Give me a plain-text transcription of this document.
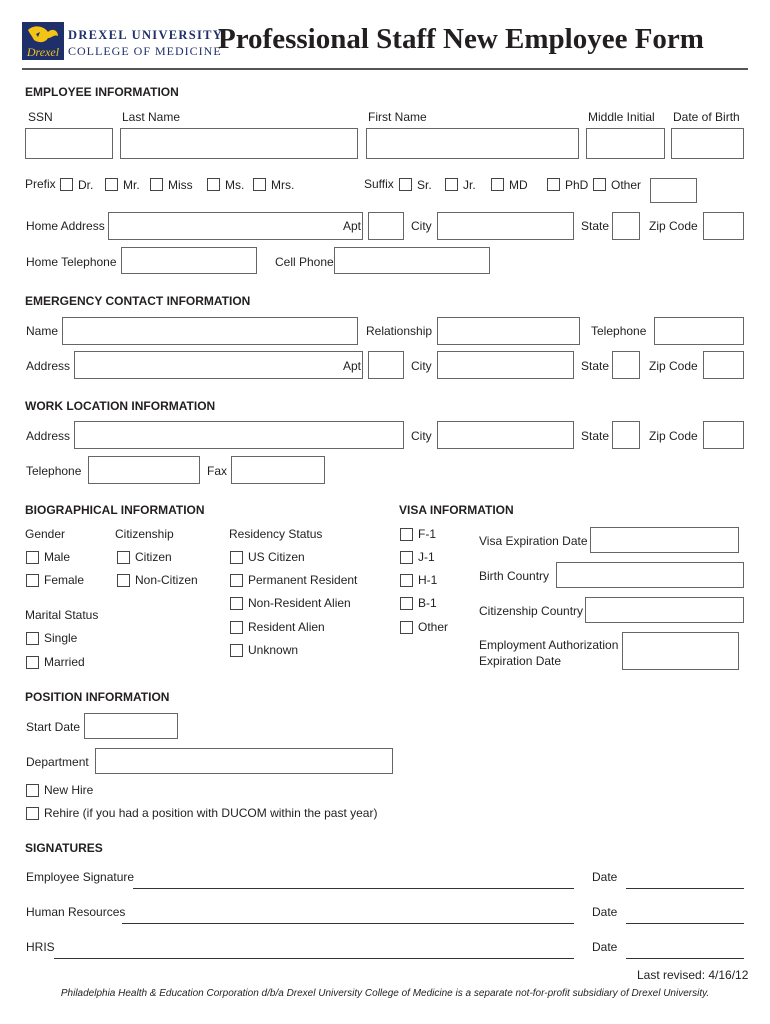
Drexel
DREXEL UNIVERSITY
COLLEGE OF MEDICINE
Professional Staff New Employee Form
EMPLOYEE INFORMATION
SSN	Last Name	First Name	Middle Initial Date of Birth
Prefix Dr. Mr. Miss	Ms. Mrs.	Suffix Sr.	Jr.	MD	PhD Other
Home Address	Apt	City	State	Zip Code
Home Telephone	Cell Phone
EMERGENCY CONTACT INFORMATION
Name	Relationship	Telephone
Address	Apt	City	State	Zip Code
WORK LOCATION INFORMATION
Address	City	State	Zip Code
Telephone	Fax
BIOGRAPHICAL INFORMATION
Gender	Citizenship	Residency Status
Male
Female
Citizen
Non-Citizen
US Citizen
Permanent Resident
Non-Resident Alien
Resident Alien
Unknown
Marital Status
Single
Married
VISA INFORMATION
F-1
J-1
H-1
B-1
Other
Visa Expiration Date
Birth Country
Citizenship Country
Employment Authorization
Expiration Date
POSITION INFORMATION
Start Date
Department
New Hire
Rehire (if you had a position with DUCOM within the past year)
SIGNATURES
Employee Signature	Date
Human Resources	Date
HRIS	Date
Last revised: 4/16/12
Philadelphia Health & Education Corporation d/b/a Drexel University College of Medicine is a separate not-for-profit subsidiary of Drexel University.
